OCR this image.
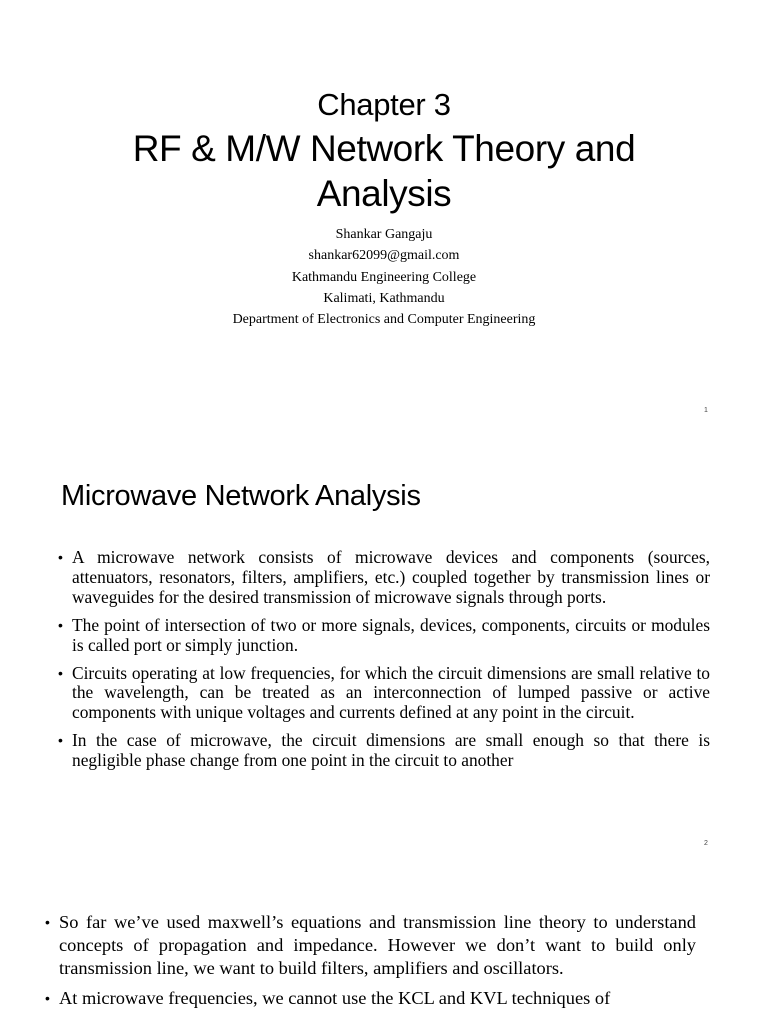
Chapter 3
RF & M/W Network Theory and Analysis
Shankar Gangaju
shankar62099@gmail.com
Kathmandu Engineering College
Kalimati, Kathmandu
Department of Electronics and Computer Engineering
1
Microwave Network Analysis
• A microwave network consists of microwave devices and components (sources, attenuators, resonators, filters, amplifiers, etc.) coupled together by transmission lines or waveguides for the desired transmission of microwave signals through ports.
• The point of intersection of two or more signals, devices, components, circuits or modules is called port or simply junction.
• Circuits operating at low frequencies, for which the circuit dimensions are small relative to the wavelength, can be treated as an interconnection of lumped passive or active components with unique voltages and currents defined at any point in the circuit.
• In the case of microwave, the circuit dimensions are small enough so that there is negligible phase change from one point in the circuit to another
2
• So far we’ve used maxwell’s equations and transmission line theory to understand concepts of propagation and impedance. However we don’t want to build only transmission line, we want to build filters, amplifiers and oscillators.
• At microwave frequencies, we cannot use the KCL and KVL techniques of
